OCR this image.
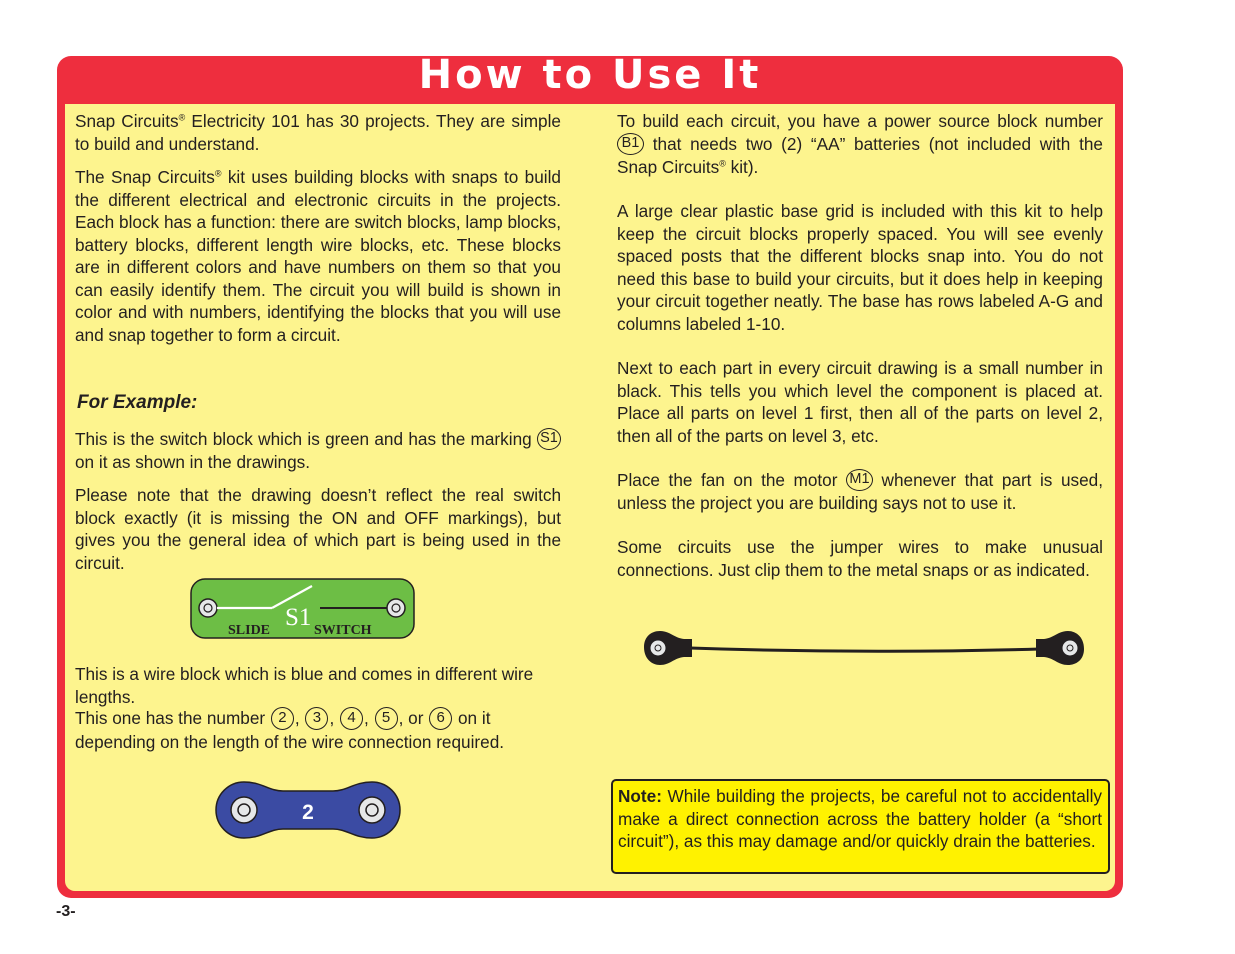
How to Use It

Snap Circuits® Electricity 101 has 30 projects. They are simple to build and understand.

The Snap Circuits® kit uses building blocks with snaps to build the different electrical and electronic circuits in the projects. Each block has a function: there are switch blocks, lamp blocks, battery blocks, different length wire blocks, etc. These blocks are in different colors and have numbers on them so that you can easily identify them. The circuit you will build is shown in color and with numbers, identifying the blocks that you will use and snap together to form a circuit.

For Example:

This is the switch block which is green and has the marking S1 on it as shown in the drawings.

Please note that the drawing doesn’t reflect the real switch block exactly (it is missing the ON and OFF markings), but gives you the general idea of which part is being used in the circuit.

SLIDE S1 SWITCH

This is a wire block which is blue and comes in different wire lengths.

This one has the number 2 , 3 , 4 , 5 , or 6 on it depending on the length of the wire connection required.

2

To build each circuit, you have a power source block number B1 that needs two (2) “AA” batteries (not included with the Snap Circuits® kit).

A large clear plastic base grid is included with this kit to help keep the circuit blocks properly spaced. You will see evenly spaced posts that the different blocks snap into. You do not need this base to build your circuits, but it does help in keeping your circuit together neatly. The base has rows labeled A-G and columns labeled 1-10.

Next to each part in every circuit drawing is a small number in black. This tells you which level the component is placed at. Place all parts on level 1 first, then all of the parts on level 2, then all of the parts on level 3, etc.

Place the fan on the motor M1 whenever that part is used, unless the project you are building says not to use it.

Some circuits use the jumper wires to make unusual connections. Just clip them to the metal snaps or as indicated.

Note: While building the projects, be careful not to accidentally make a direct connection across the battery holder (a “short circuit”), as this may damage and/or quickly drain the batteries.

-3-
